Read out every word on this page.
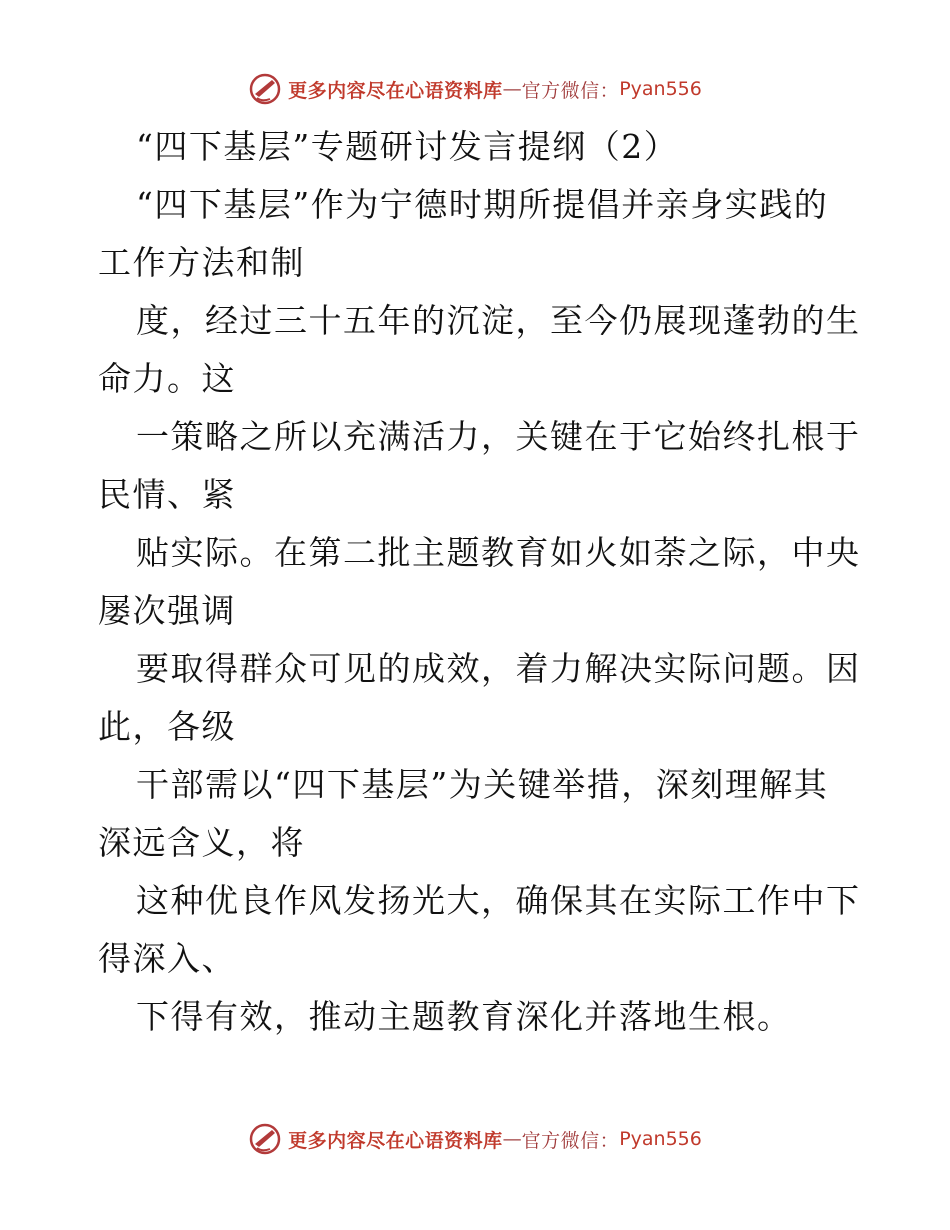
更多内容尽在心语资料库 — 官方微信： Pyan556
“四下基层”专题研讨发言提纲（2）
“四下基层”作为宁德时期所提倡并亲身实践的
工作方法和制
度，经过三十五年的沉淀，至今仍展现蓬勃的生
命力。这
一策略之所以充满活力，关键在于它始终扎根于
民情、紧
贴实际。在第二批主题教育如火如荼之际，中央
屡次强调
要取得群众可见的成效，着力解决实际问题。因
此，各级
干部需以“四下基层”为关键举措，深刻理解其
深远含义，将
这种优良作风发扬光大，确保其在实际工作中下
得深入、
下得有效，推动主题教育深化并落地生根。
更多内容尽在心语资料库 — 官方微信： Pyan556
